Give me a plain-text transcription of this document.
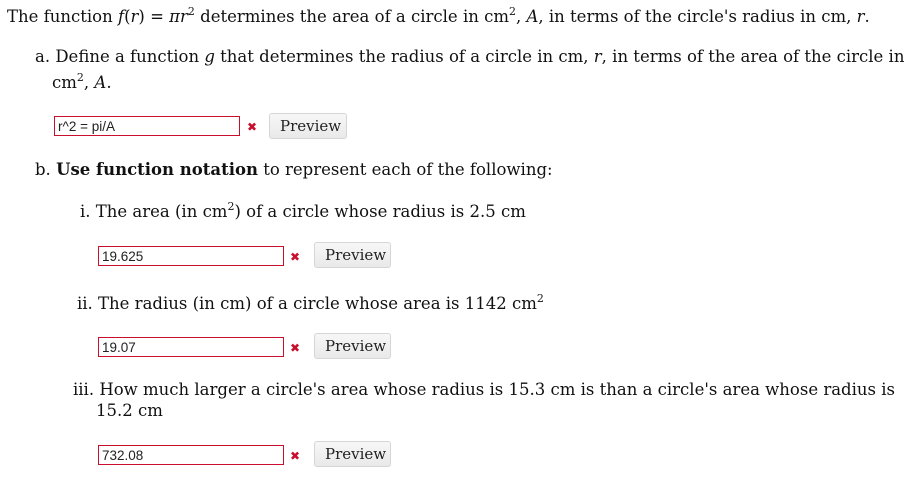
The function $f(r) = \pi r^2$ determines the area of a circle in $cm^2$, A, in terms of the circle's radius in cm, r.
a. Define a function g that determines the radius of a circle in cm, r, in terms of the area of the circle in
$cm^2$, A.
r^2 = pi/A
✖	Preview
b. Use function notation to represent each of the following:
i. The area (in $cm^2$) of a circle whose radius is 2.5 cm
19.625
✖	Preview
ii. The radius (in cm) of a circle whose area is 1142 $cm^2$
19.07
✖	Preview
iii. How much larger a circle's area whose radius is 15.3 cm is than a circle's area whose radius is
15.2 cm
732.08
✖	Preview
